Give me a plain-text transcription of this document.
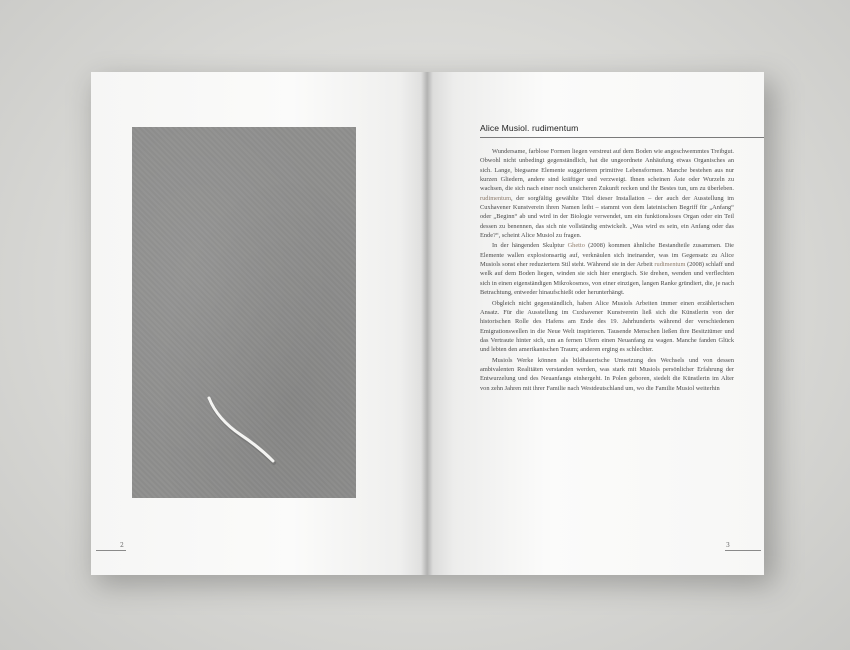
2
Alice Musiol. rudimentum

Wundersame, farblose Formen liegen verstreut auf dem Boden wie angeschwemmtes Treibgut. Obwohl nicht unbedingt gegenständlich, hat die ungeordnete Anhäufung etwas Organisches an sich. Lange, biegsame Elemente suggerieren primitive Lebensformen. Manche bestehen aus nur kurzen Gliedern, andere sind kräftiger und verzweigt. Ihnen scheinen Äste oder Wurzeln zu wachsen, die sich nach einer noch unsicheren Zukunft recken und ihr Bestes tun, um zu überleben. rudimentum, der sorgfältig gewählte Titel dieser Installation – der auch der Ausstellung im Cuxhavener Kunstverein ihren Namen leiht – stammt von dem lateinischen Begriff für „Anfang“ oder „Beginn“ ab und wird in der Biologie verwendet, um ein funktionsloses Organ oder ein Teil dessen zu benennen, das sich nie vollständig entwickelt. „Was wird es sein, ein Anfang oder das Ende?“, scheint Alice Musiol zu fragen.

In der hängenden Skulptur Ghetto (2008) kommen ähnliche Bestandteile zusammen. Die Elemente wallen explosionsartig auf, verknäulen sich ineinander, was im Gegensatz zu Alice Musiols sonst eher reduziertem Stil steht. Während sie in der Arbeit rudimentum (2008) schlaff und welk auf dem Boden liegen, winden sie sich hier energisch. Sie drehen, wenden und verflechten sich in einen eigenständigen Mikrokosmos, von einer einzigen, langen Ranke gründiert, die, je nach Betrachtung, entweder hinaufschießt oder herunterhängt.

Obgleich nicht gegenständlich, haben Alice Musiols Arbeiten immer einen erzählerischen Ansatz. Für die Ausstellung im Cuxhavener Kunstverein ließ sich die Künstlerin von der historischen Rolle des Hafens am Ende des 19. Jahrhunderts während der verschiedenen Emigrationswellen in die Neue Welt inspirieren. Tausende Menschen ließen ihre Besitztümer und das Vertraute hinter sich, um an fernen Ufern einen Neuanfang zu wagen. Manche fanden Glück und lebten den amerikanischen Traum; anderen erging es schlechter.

Musiols Werke können als bildhauerische Umsetzung des Wechsels und von dessen ambivalenten Realitäten verstanden werden, was stark mit Musiols persönlicher Erfahrung der Entwurzelung und des Neuanfangs einhergeht. In Polen geboren, siedelt die Künstlerin im Alter von zehn Jahren mit ihrer Familie nach Westdeutschland um, wo die Familie Musiol weiterhin

3
